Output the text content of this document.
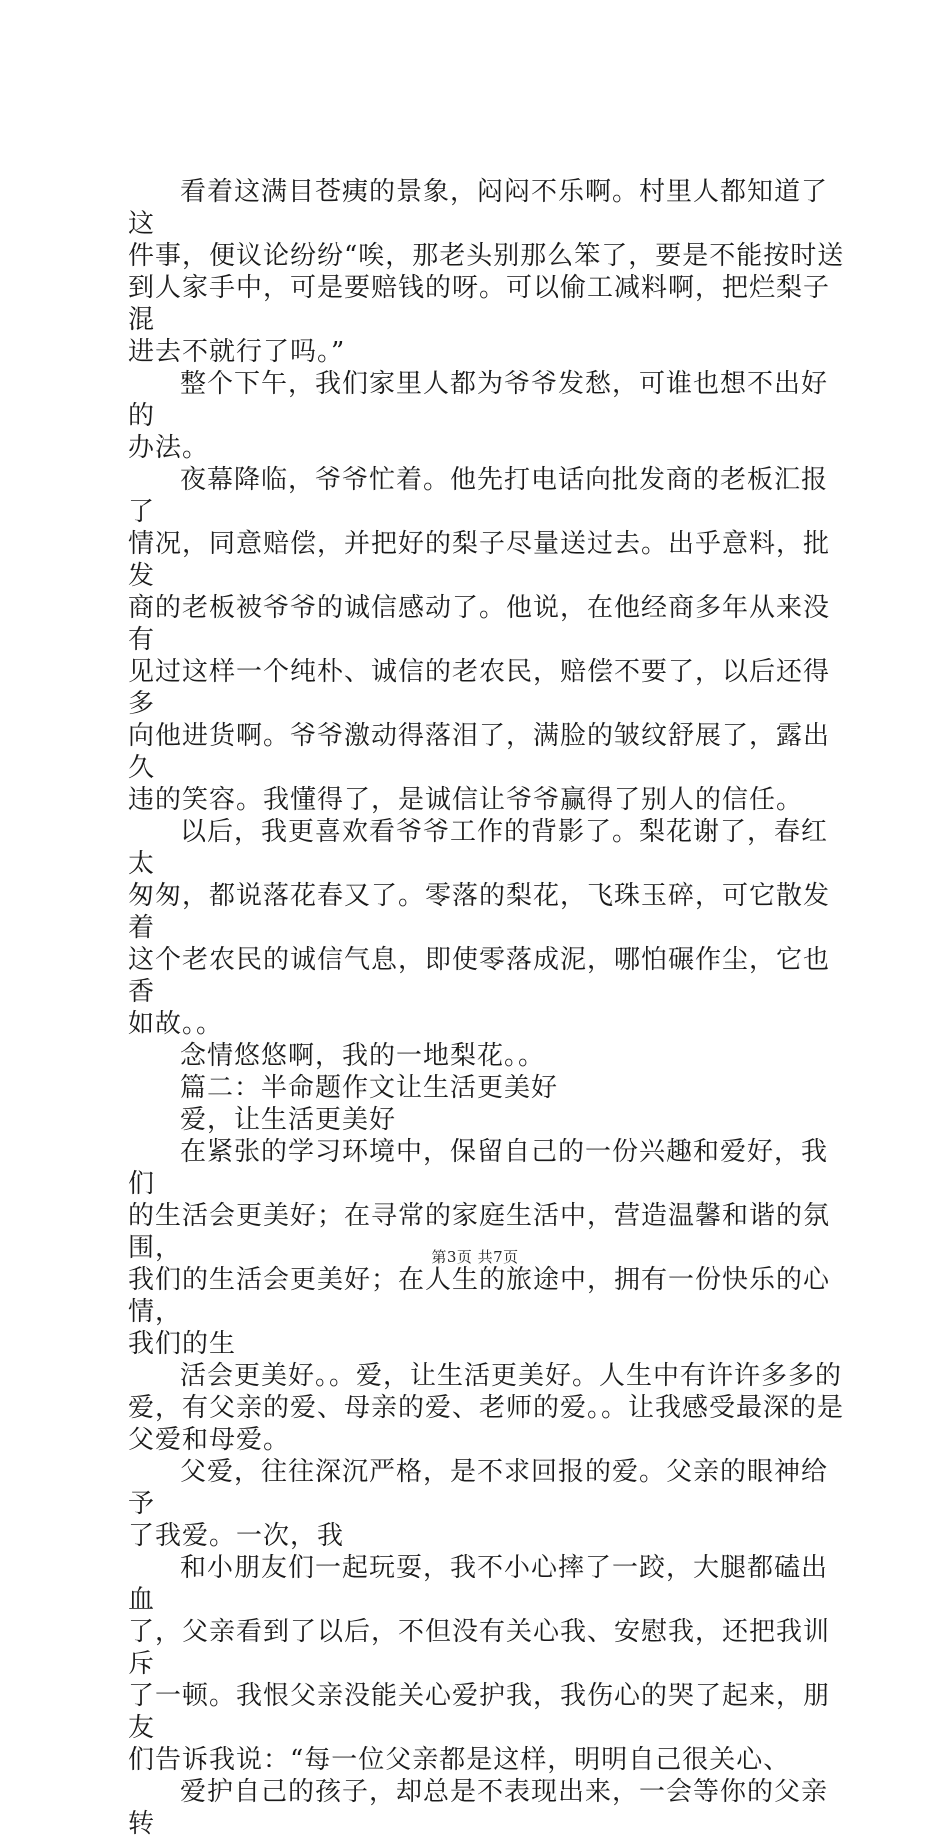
看着这满目苍痍的景象，闷闷不乐啊。村里人都知道了这
件事，便议论纷纷“唉，那老头别那么笨了，要是不能按时送
到人家手中，可是要赔钱的呀。可以偷工减料啊，把烂梨子混
进去不就行了吗。”

整个下午，我们家里人都为爷爷发愁，可谁也想不出好的
办法。

夜幕降临，爷爷忙着。他先打电话向批发商的老板汇报了
情况，同意赔偿，并把好的梨子尽量送过去。出乎意料，批发
商的老板被爷爷的诚信感动了。他说，在他经商多年从来没有
见过这样一个纯朴、诚信的老农民，赔偿不要了，以后还得多
向他进货啊。爷爷激动得落泪了，满脸的皱纹舒展了，露出久
违的笑容。我懂得了，是诚信让爷爷赢得了别人的信任。

以后，我更喜欢看爷爷工作的背影了。梨花谢了，春红太
匆匆，都说落花春又了。零落的梨花，飞珠玉碎，可它散发着
这个老农民的诚信气息，即使零落成泥，哪怕碾作尘，它也香
如故。。

念情悠悠啊，我的一地梨花。。

篇二：半命题作文让生活更美好

爱，让生活更美好

在紧张的学习环境中，保留自己的一份兴趣和爱好，我们
的生活会更美好；在寻常的家庭生活中，营造温馨和谐的氛围，
我们的生活会更美好；在人生的旅途中，拥有一份快乐的心情，
我们的生

活会更美好。。爱，让生活更美好。人生中有许许多多的
爱，有父亲的爱、母亲的爱、老师的爱。。让我感受最深的是
父爱和母爱。

父爱，往往深沉严格，是不求回报的爱。父亲的眼神给予
了我爱。一次，我

和小朋友们一起玩耍，我不小心摔了一跤，大腿都磕出血
了，父亲看到了以后，不但没有关心我、安慰我，还把我训斥
了一顿。我恨父亲没能关心爱护我，我伤心的哭了起来，朋友
们告诉我说：“每一位父亲都是这样，明明自己很关心、

爱护自己的孩子，却总是不表现出来，一会等你的父亲转

第3页 共7页
